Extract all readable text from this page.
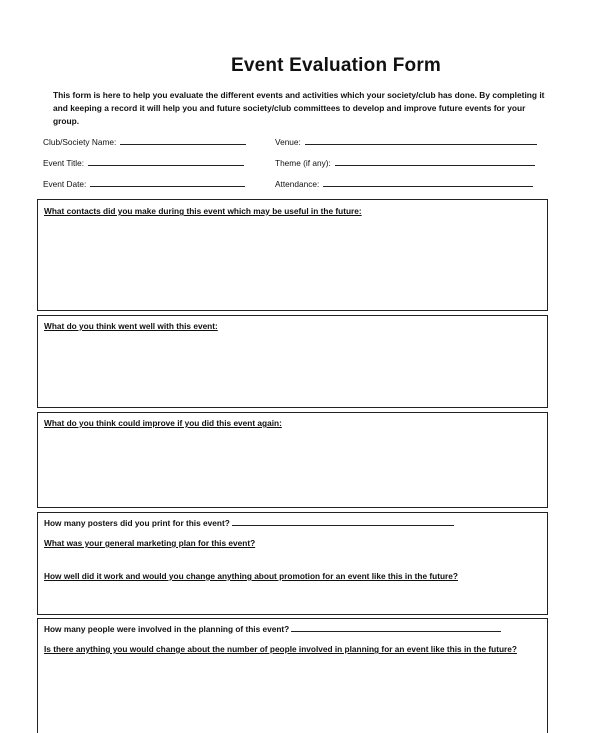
Event Evaluation Form
This form is here to help you evaluate the different events and activities which your society/club has done. By completing it and keeping a record it will help you and future society/club committees to develop and improve future events for your group.
Club/Society Name:	Venue:
Event Title:	Theme (if any):
Event Date:	Attendance:
What contacts did you make during this event which may be useful in the future:
What do you think went well with this event:
What do you think could improve if you did this event again:
How many posters did you print for this event?
What was your general marketing plan for this event?
How well did it work and would you change anything about promotion for an event like this in the future?
How many people were involved in the planning of this event?
Is there anything you would change about the number of people involved in planning for an event like this in the future?
